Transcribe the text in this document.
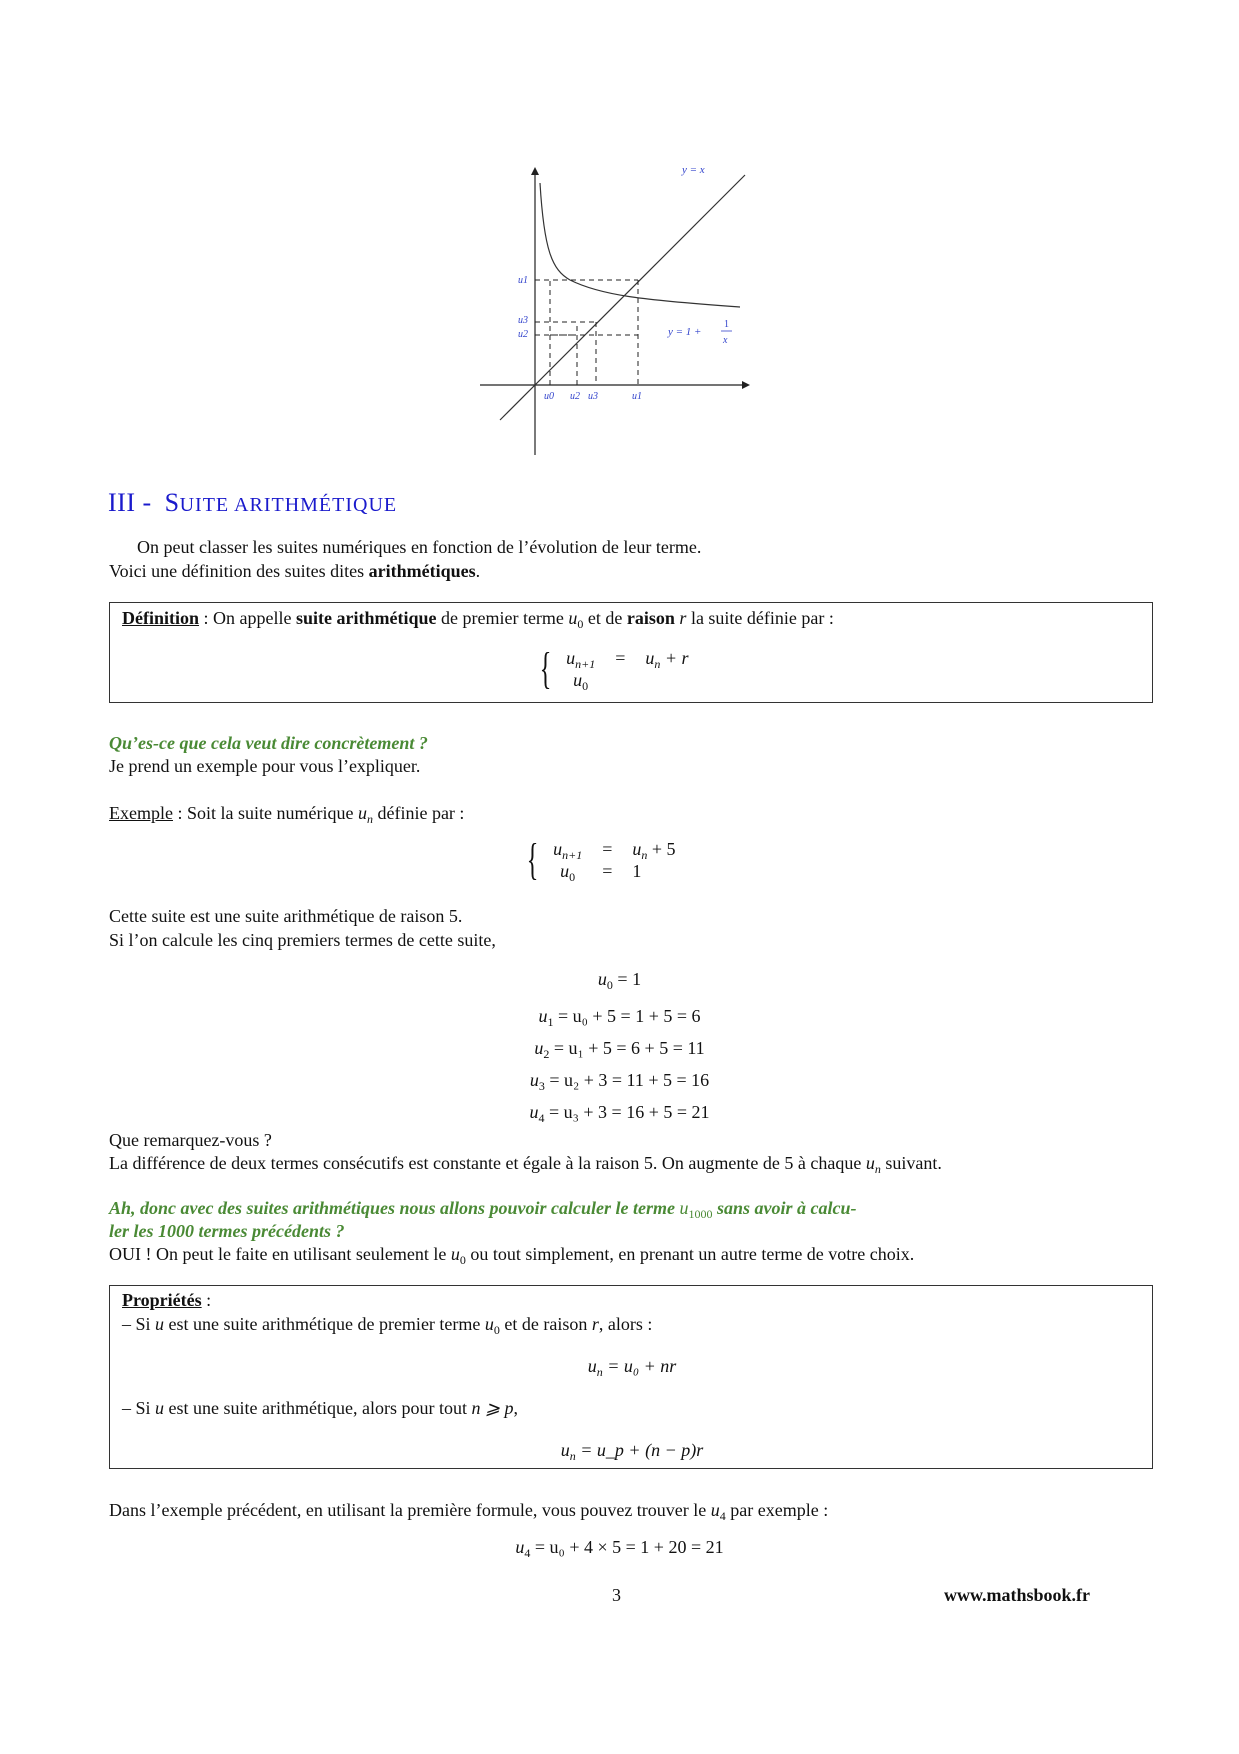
y = x
y = 1 +
1
x
u1
u3
u2
u0 u2 u3	u1
III - SUITE ARITHMÉTIQUE
On peut classer les suites numériques en fonction de l’évolution de leur terme.
Voici une définition des suites dites arithmétiques.
Définition : On appelle suite arithmétique de premier terme $u_0$ et de raison r la suite définie par :
{	$u_{n+1}$	=	$u_n + r$
	$u_0$		
Qu’es-ce que cela veut dire concrètement ?
Je prend un exemple pour vous l’expliquer.
Exemple : Soit la suite numérique $u_n$ définie par :
{	$u_{n+1}$	=	$u_n + 5$
	$u_0$	=	1
Cette suite est une suite arithmétique de raison 5.
Si l’on calcule les cinq premiers termes de cette suite,
$u_0 = 1$
$u_1 = u_0 + 5 = 1 + 5 = 6$
$u_2 = u_1 + 5 = 6 + 5 = 11$
$u_3 = u_2 + 3 = 11 + 5 = 16$
$u_4 = u_3 + 3 = 16 + 5 = 21$
Que remarquez-vous ?
La différence de deux termes consécutifs est constante et égale à la raison 5. On augmente de 5 à chaque $u_n$ suivant.
Ah, donc avec des suites arithmétiques nous allons pouvoir calculer le terme $u_{1000}$ sans avoir à calcu-
ler les 1000 termes précédents ?
OUI ! On peut le faite en utilisant seulement le $u_0$ ou tout simplement, en prenant un autre terme de votre choix.
Propriétés :
– Si u est une suite arithmétique de premier terme $u_0$ et de raison r, alors :
$u_n = u_0$ + nr
– Si u est une suite arithmétique, alors pour tout n ⩾ p,
$u_n$ = u_p + (n − p)r
Dans l’exemple précédent, en utilisant la première formule, vous pouvez trouver le $u_4$ par exemple :
$u_4 = u_0 + 4 \times 5 = 1 + 20 = 21$
3	www.mathsbook.fr
